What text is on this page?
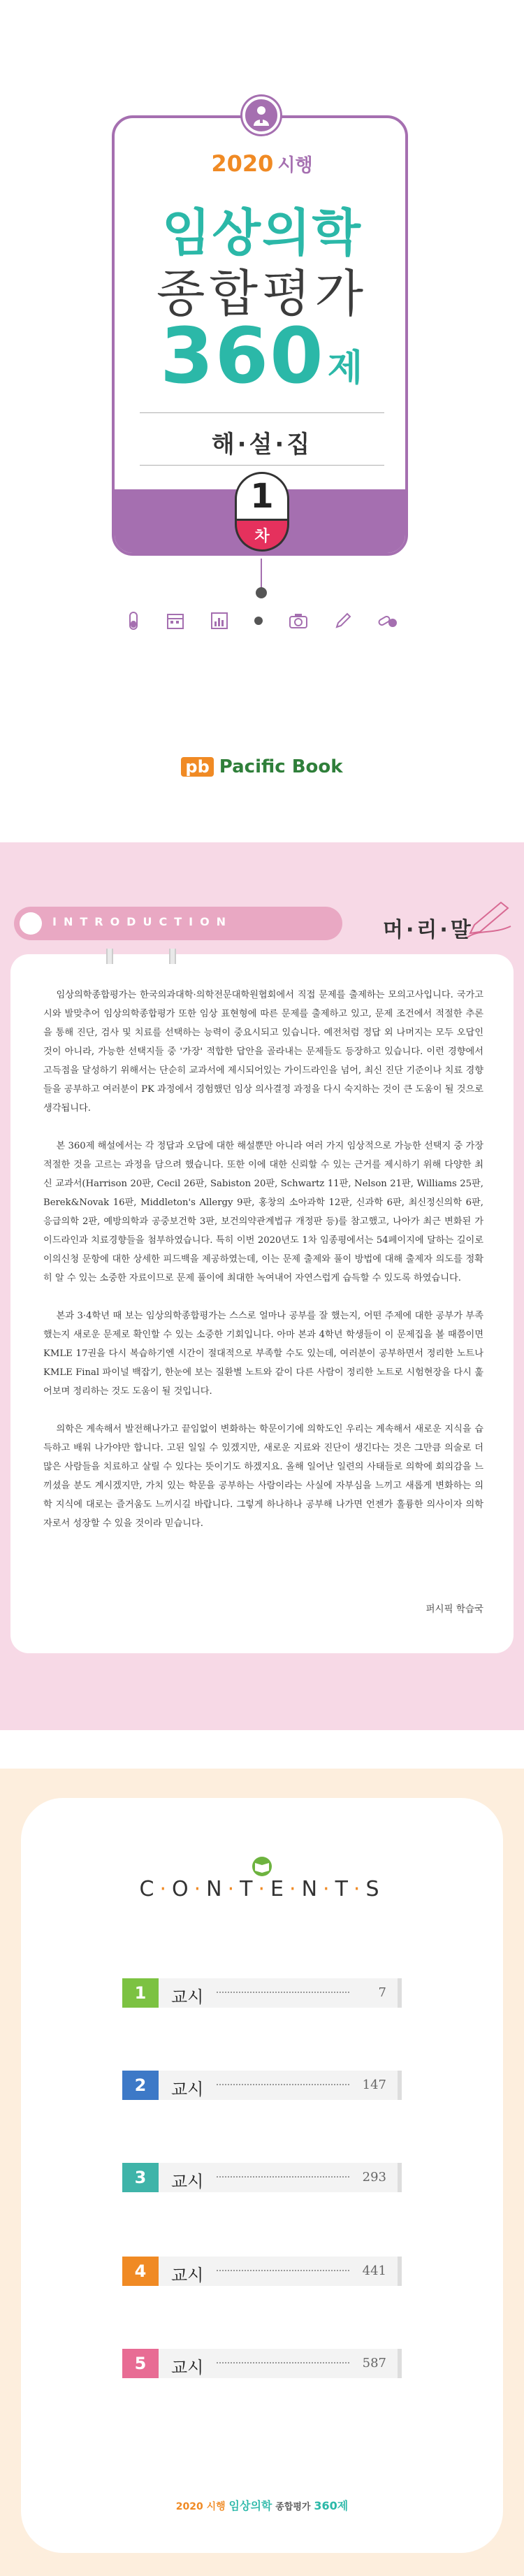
2020 시행
임상의학
종합평가
360제
해·설·집
1
차
pb Pacific Book
INTRODUCTION	머·리·말

임상의학종합평가는 한국의과대학·의학전문대학원협회에서 직접 문제를 출제하는 모의고사입니다. 국가고시와 발맞추어 임상의학종합평가 또한 임상 표현형에 따른 문제를 출제하고 있고, 문제 조건에서 적절한 추론을 통해 진단, 검사 및 치료를 선택하는 능력이 중요시되고 있습니다. 예전처럼 정답 외 나머지는 모두 오답인 것이 아니라, 가능한 선택지들 중 '가장' 적합한 답안을 골라내는 문제들도 등장하고 있습니다. 이런 경향에서 고득점을 달성하기 위해서는 단순히 교과서에 제시되어있는 가이드라인을 넘어, 최신 진단 기준이나 치료 경향들을 공부하고 여러분이 PK 과정에서 경험했던 임상 의사결정 과정을 다시 숙지하는 것이 큰 도움이 될 것으로 생각됩니다.

본 360제 해설에서는 각 정답과 오답에 대한 해설뿐만 아니라 여러 가지 임상적으로 가능한 선택지 중 가장 적절한 것을 고르는 과정을 담으려 했습니다. 또한 이에 대한 신뢰할 수 있는 근거를 제시하기 위해 다양한 최신 교과서(Harrison 20판, Cecil 26판, Sabiston 20판, Schwartz 11판, Nelson 21판, Williams 25판, Berek&Novak 16판, Middleton's Allergy 9판, 홍창의 소아과학 12판, 신과학 6판, 최신정신의학 6판, 응급의학 2판, 예방의학과 공중보건학 3판, 보건의약관계법규 개정판 등)를 참고했고, 나아가 최근 변화된 가이드라인과 치료경향들을 첨부하였습니다. 특히 이번 2020년도 1차 임종평에서는 54페이지에 달하는 길이로 이의신청 문항에 대한 상세한 피드백을 제공하였는데, 이는 문제 출제와 풀이 방법에 대해 출제자 의도를 정확히 알 수 있는 소중한 자료이므로 문제 풀이에 최대한 녹여내어 자연스럽게 습득할 수 있도록 하였습니다.

본과 3·4학년 때 보는 임상의학종합평가는 스스로 얼마나 공부를 잘 했는지, 어떤 주제에 대한 공부가 부족했는지 새로운 문제로 확인할 수 있는 소중한 기회입니다. 아마 본과 4학년 학생들이 이 문제집을 볼 때쯤이면 KMLE 17권을 다시 복습하기엔 시간이 절대적으로 부족할 수도 있는데, 여러분이 공부하면서 정리한 노트나 KMLE Final 파이널 백잡기, 한눈에 보는 질환별 노트와 같이 다른 사람이 정리한 노트로 시험현장을 다시 훑어보며 정리하는 것도 도움이 될 것입니다.

의학은 계속해서 발전해나가고 끝임없이 변화하는 학문이기에 의학도인 우리는 계속해서 새로운 지식을 습득하고 배워 나가야만 합니다. 고된 일일 수 있겠지만, 새로운 지료와 진단이 생긴다는 것은 그만큼 의술로 더 많은 사람들을 치료하고 살릴 수 있다는 뜻이기도 하겠지요. 올해 일어난 일련의 사태들로 의학에 회의감을 느끼셨을 분도 계시겠지만, 가치 있는 학문을 공부하는 사람이라는 사실에 자부심을 느끼고 새롭게 변화하는 의학 지식에 대로는 즐거움도 느끼시길 바랍니다. 그렇게 하나하나 공부해 나가면 언젠가 훌륭한 의사이자 의학자로서 성장할 수 있을 것이라 믿습니다.

퍼시픽 학습국
C·O·N·T·E·N·T·S
1	교시	7
2	교시	147
3	교시	293
4	교시	441
5	교시	587
2020 시행 임상의학 종합평가 360제
